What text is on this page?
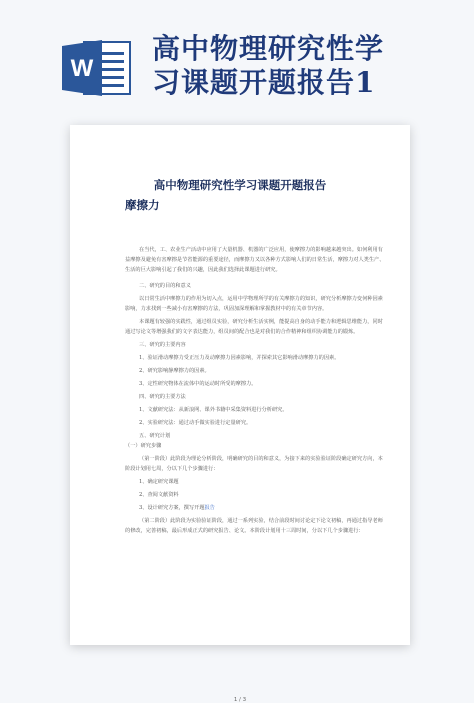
W
高中物理研究性学
习课题开题报告1
高中物理研究性学习课题开题报告
摩擦力

在当代，工、农业生产活动中应用了大量机器、机器的广泛应用，使摩擦力的影响越来越突出。如何利用有益摩擦及避免有害摩擦是节省能源的重要途径，而摩擦力又以各种方式影响人们的日常生活，摩擦力对人类生产、生活的巨大影响引起了我们的兴趣，因此我们选择此课题进行研究。

二、研究的目的和意义

以日常生活中摩擦力的作用为切入点，运用中学物理所学的有关摩擦力的知识，研究分析摩擦力变何种因素影响，力求找到一些减小有害摩擦的方法，巩固加深理解和掌握教材中的有关章节内容。

本课题有较强的实践性，通过组员实验，研究分析生活实例，能提高自身的动手能力和逻辑思维能力，同时通过写论文等增强我们的文字表达能力，组员间的配合也是对我们的合作精神和组织协调能力的锻炼。

三、研究的主要内容

1、验证滑动摩擦力受正压力及动摩擦力因素影响，并探索其它影响滑动摩擦力的因素。

2、研究影响静摩擦力的因素。

3、定性研究物体在流体中的运动时所受的摩擦力。

四、研究的主要方法

1、文献研究法：从新浪网、课外书籍中采集资料进行分析研究。

2、实验研究法：通过动手做实验进行定量研究。

五、研究计划

（一）研究步骤

（第一阶段）此阶段为理论分析阶段，明确研究的目的和意义，为接下来的实验验证阶段确定研究方向，本阶段计划用七周，分以下几个步骤进行：

1、确定研究课题

2、查阅文献资料

3、设计研究方案，撰写开题报告

（第二阶段）此阶段为实验验证阶段，通过一系列实验，结合前段时间讨论定下论文初稿，再通过指导老师的修改，完善初稿，最后形成正式的研究报告、论文。本阶段计划用十三周时间，分以下几个步骤进行：

1 / 3
